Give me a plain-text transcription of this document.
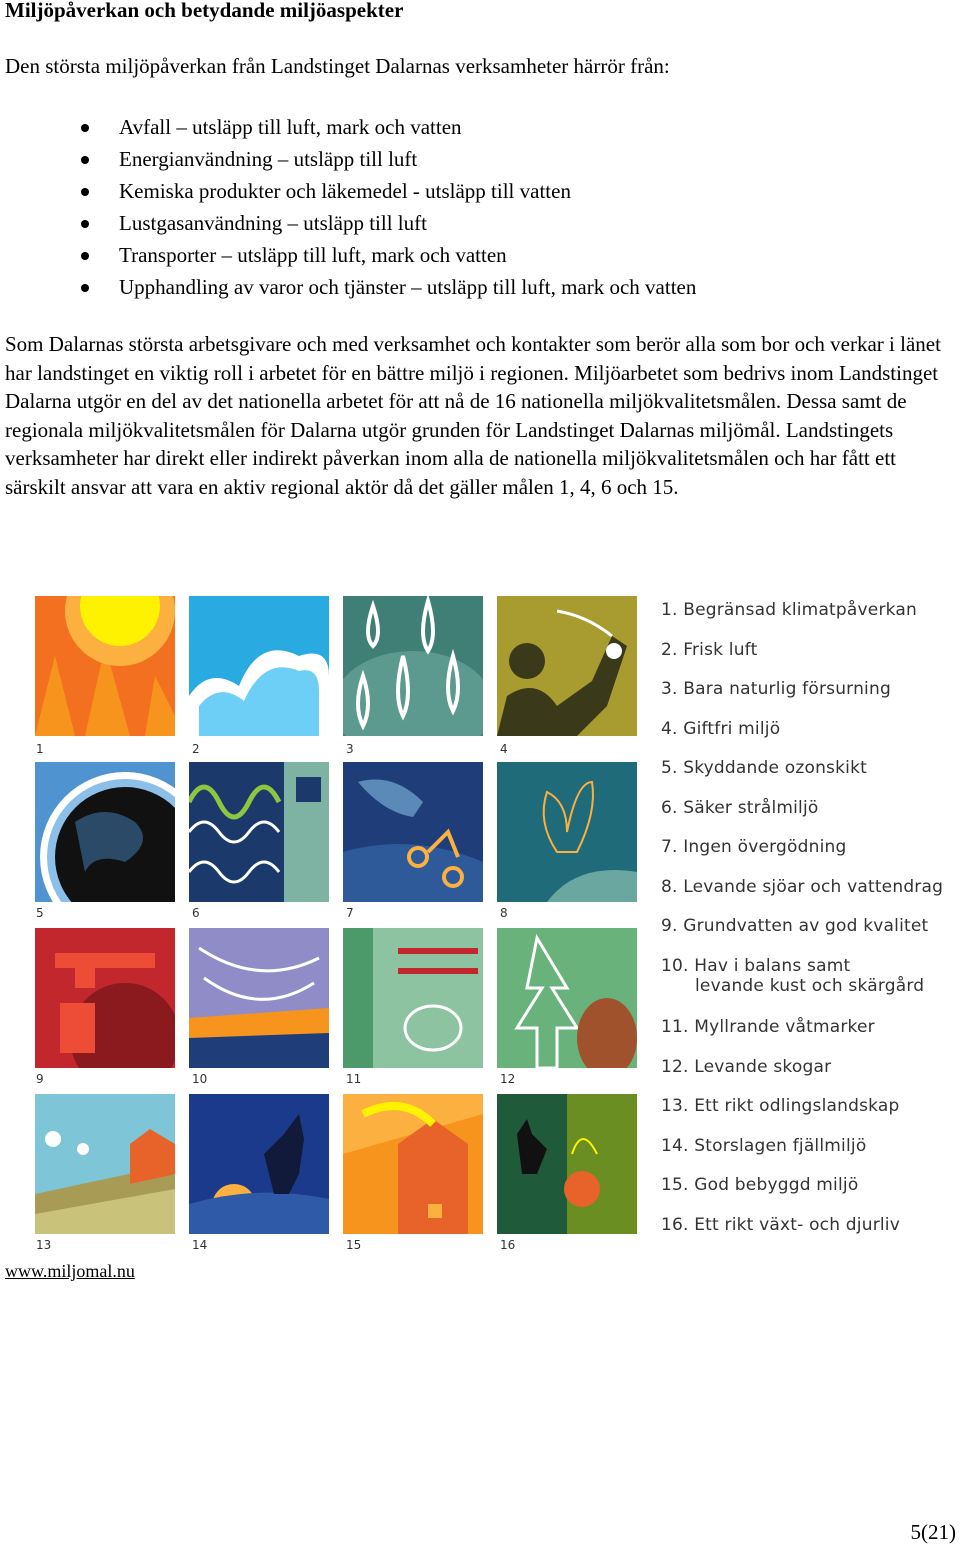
Miljöpåverkan och betydande miljöaspekter

Den största miljöpåverkan från Landstinget Dalarnas verksamheter härrör från:

Avfall – utsläpp till luft, mark och vatten
Energianvändning – utsläpp till luft
Kemiska produkter och läkemedel - utsläpp till vatten
Lustgasanvändning – utsläpp till luft
Transporter – utsläpp till luft, mark och vatten
Upphandling av varor och tjänster – utsläpp till luft, mark och vatten

Som Dalarnas största arbetsgivare och med verksamhet och kontakter som berör alla som bor och verkar i länet har landstinget en viktig roll i arbetet för en bättre miljö i regionen. Miljöarbetet som bedrivs inom Landstinget Dalarna utgör en del av det nationella arbetet för att nå de 16 nationella miljökvalitetsmålen. Dessa samt de regionala miljökvalitetsmålen för Dalarna utgör grunden för Landstinget Dalarnas miljömål. Landstingets verksamheter har direkt eller indirekt påverkan inom alla de nationella miljökvalitetsmålen och har fått ett särskilt ansvar att vara en aktiv regional aktör då det gäller målen 1, 4, 6 och 15.

1	2	3	4
5	6	7	8
9	10	11	12
13	14	15	16
1. Begränsad klimatpåverkan
2. Frisk luft
3. Bara naturlig försurning
4. Giftfri miljö
5. Skyddande ozonskikt
6. Säker strålmiljö
7. Ingen övergödning
8. Levande sjöar och vattendrag
9. Grundvatten av god kvalitet
10. Hav i balans samt
levande kust och skärgård
11. Myllrande våtmarker
12. Levande skogar
13. Ett rikt odlingslandskap
14. Storslagen fjällmiljö
15. God bebyggd miljö
16. Ett rikt växt- och djurliv
www.miljomal.nu
5(21)
